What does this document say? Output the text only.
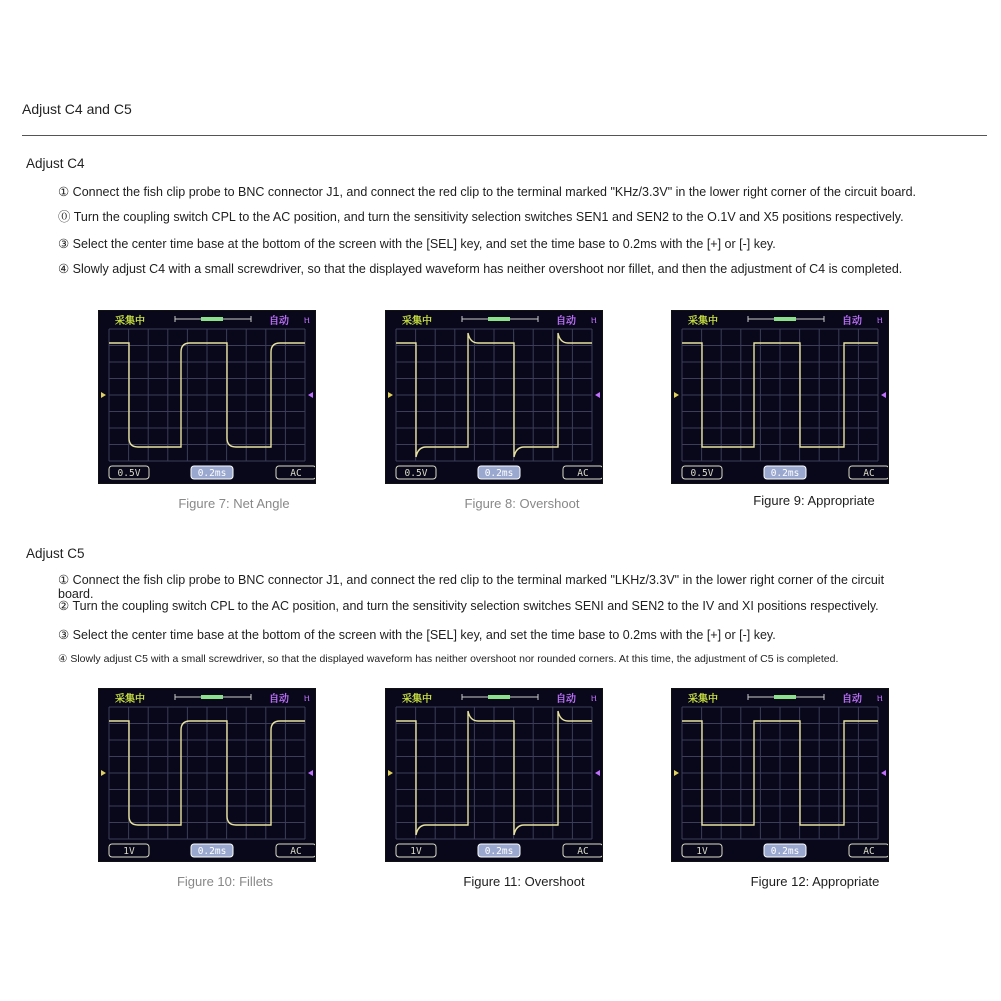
Adjust C4 and C5
Adjust C4
① Connect the fish clip probe to BNC connector J1, and connect the red clip to the terminal marked "KHz/3.3V" in the lower right corner of the circuit board.
⓪ Turn the coupling switch CPL to the AC position, and turn the sensitivity selection switches SEN1 and SEN2 to the O.1V and X5 positions respectively.
③ Select the center time base at the bottom of the screen with the [SEL] key, and set the time base to 0.2ms with the [+] or [-] key.
④ Slowly adjust C4 with a small screwdriver, so that the displayed waveform has neither overshoot nor fillet, and then the adjustment of C4 is completed.
采集中	自动 Ⲏ
0.5V	0.2ms	AC
采集中	自动 Ⲏ
0.5V	0.2ms	AC
采集中	自动 Ⲏ
0.5V	0.2ms	AC
Figure 7: Net Angle	Figure 8: Overshoot	Figure 9: Appropriate
Adjust C5
① Connect the fish clip probe to BNC connector J1, and connect the red clip to the terminal marked "LKHz/3.3V" in the lower right corner of the circuit board.
② Turn the coupling switch CPL to the AC position, and turn the sensitivity selection switches SENI and SEN2 to the IV and XI positions respectively.
③ Select the center time base at the bottom of the screen with the [SEL] key, and set the time base to 0.2ms with the [+] or [-] key.
④ Slowly adjust C5 with a small screwdriver, so that the displayed waveform has neither overshoot nor rounded corners. At this time, the adjustment of C5 is completed.
采集中	自动 Ⲏ
1V	0.2ms	AC
采集中	自动 Ⲏ
1V	0.2ms	AC
采集中	自动 Ⲏ
1V	0.2ms	AC
Figure 10: Fillets	Figure 11: Overshoot	Figure 12: Appropriate
